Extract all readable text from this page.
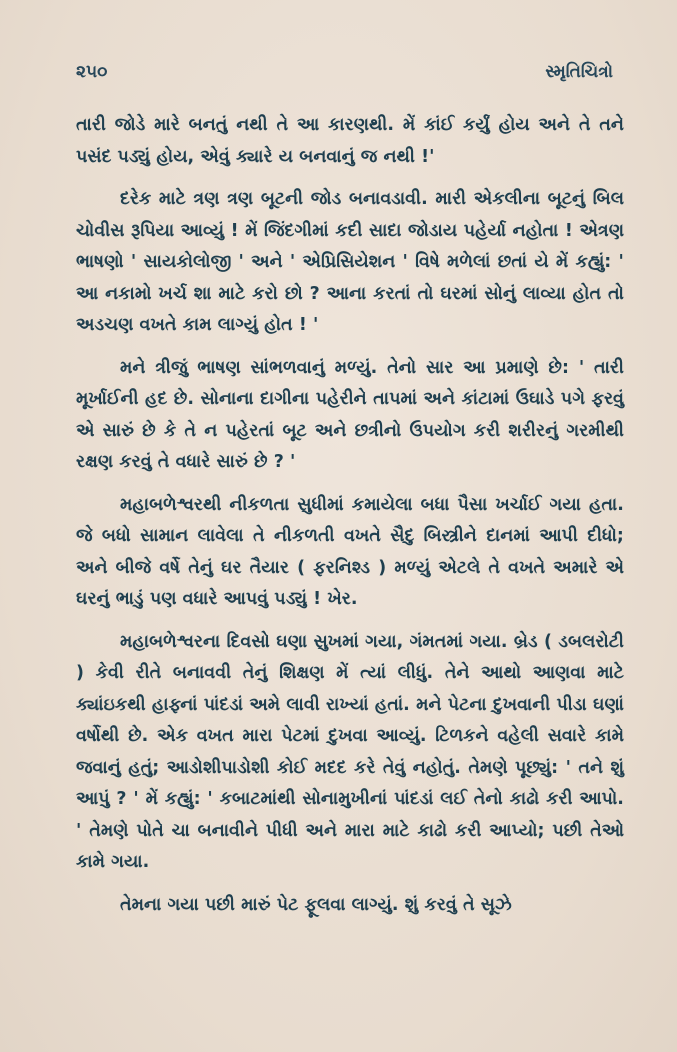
૨૫૦	સ્મૃતિચિત્રો

તારી જોડે મારે બનતું નથી તે આ કારણથી. મેં કાંઈ કર્યું હોય અને તે તને પસંદ પડ્યું હોય, એવું ક્યારે ય બનવાનું જ નથી !'

દરેક માટે ત્રણ ત્રણ બૂટની જોડ બનાવડાવી. મારી એકલીના બૂટનું બિલ ચોવીસ રૂપિયા આવ્યું ! મેં જિંદગીમાં કદી સાદા જોડાય પહેર્યા નહોતા ! એત્રણ ભાષણો ' સાયકોલોજી ' અને ' એપ્રિસિયેશન ' વિષે મળેલાં છતાં યે મેં કહ્યું: ' આ નકામો ખર્ચ શા માટે કરો છો ? આના કરતાં તો ઘરમાં સોનું લાવ્યા હોત તો અડચણ વખતે કામ લાગ્યું હોત ! '

મને ત્રીજું ભાષણ સાંભળવાનું મળ્યું. તેનો સાર આ પ્રમાણે છે: ' તારી મૂર્ખાઈની હદ છે. સોનાના દાગીના પહેરીને તાપમાં અને કાંટામાં ઉઘાડે પગે ફરવું એ સારું છે કે તે ન પહેરતાં બૂટ અને છત્રીનો ઉપયોગ કરી શરીરનું ગરમીથી રક્ષણ કરવું તે વધારે સારું છે ? '

મહાબળેશ્વરથી નીકળતા સુધીમાં કમાયેલા બધા પૈસા ખર્ચાઈ ગયા હતા. જે બધો સામાન લાવેલા તે નીકળતી વખતે સૈદુ બિસ્ત્રીને દાનમાં આપી દીધો; અને બીજે વર્ષે તેનું ઘર તૈયાર ( ફરનિશ્ડ ) મળ્યું એટલે તે વખતે અમારે એ ઘરનું ભાડું પણ વધારે આપવું પડ્યું ! ખેર.

મહાબળેશ્વરના દિવસો ઘણા સુખમાં ગયા, ગંમતમાં ગયા. બ્રેડ ( ડબલરોટી ) કેવી રીતે બનાવવી તેનું શિક્ષણ મેં ત્યાં લીધું. તેને આથો આણવા માટે ક્યાંઇકથી હાફ્નાં પાંદડાં અમે લાવી રાખ્યાં હતાં. મને પેટના દુખવાની પીડા ઘણાં વર્ષોથી છે. એક વખત મારા પેટમાં દુખવા આવ્યું. ટિળકને વહેલી સવારે કામે જવાનું હતું; આડોશીપાડોશી કોઈ મદદ કરે તેવું નહોતું. તેમણે પૂછ્યું: ' તને શું આપું ? ' મેં કહ્યું: ' કબાટમાંથી સોનામુખીનાં પાંદડાં લઈ તેનો કાઢો કરી આપો. ' તેમણે પોતે ચા બનાવીને પીધી અને મારા માટે કાઢો કરી આપ્યો; પછી તેઓ કામે ગયા.

તેમના ગયા પછી મારું પેટ ફૂલવા લાગ્યું. શું કરવું તે સૂઝે
